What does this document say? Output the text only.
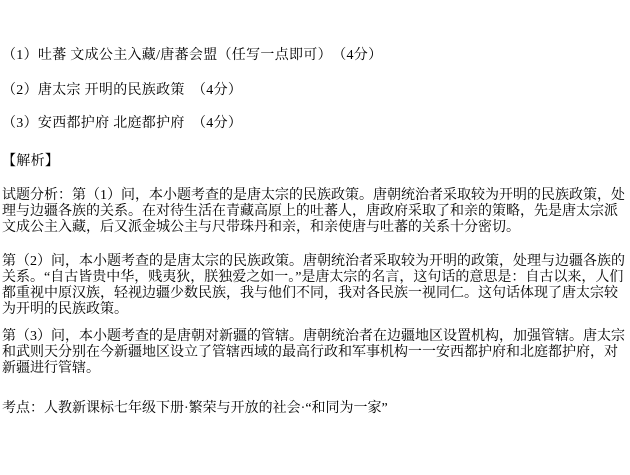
（1）吐蕃 文成公主入藏/唐蕃会盟（任写一点即可）　（4分）
（2）唐太宗 开明的民族政策　（4分）
（3）安西都护府 北庭都护府　（4分）
【解析】
试题分析：第（1）问，本小题考查的是唐太宗的民族政策。唐朝统治者采取较为开明的民族政策，处理与边疆各族的关系。在对待生活在青藏高原上的吐蕃人，唐政府采取了和亲的策略，先是唐太宗派文成公主入藏，后又派金城公主与尺带珠丹和亲，和亲使唐与吐蕃的关系十分密切。
第（2）问，本小题考查的是唐太宗的民族政策。唐朝统治者采取较为开明的政策，处理与边疆各族的关系。“自古皆贵中华，贱夷狄，朕独爱之如一。”是唐太宗的名言，这句话的意思是：自古以来，人们都重视中原汉族，轻视边疆少数民族，我与他们不同，我对各民族一视同仁。这句话体现了唐太宗较为开明的民族政策。
第（3）问，本小题考查的是唐朝对新疆的管辖。唐朝统治者在边疆地区设置机构，加强管辖。唐太宗和武则天分别在今新疆地区设立了管辖西域的最高行政和军事机构一一安西都护府和北庭都护府，对新疆进行管辖。
考点：人教新课标七年级下册·繁荣与开放的社会·“和同为一家”
